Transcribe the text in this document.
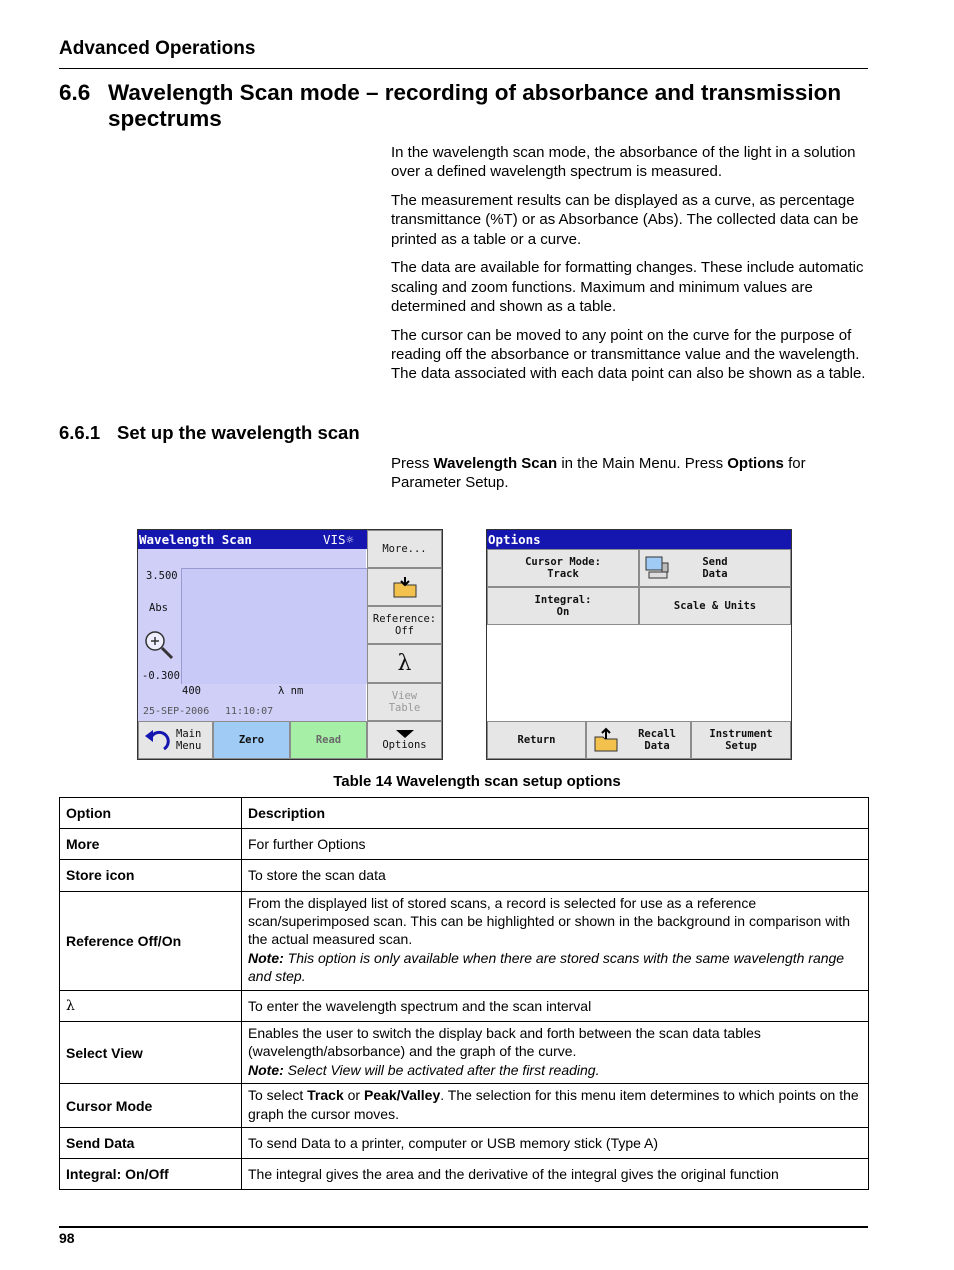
Advanced Operations
6.6 Wavelength Scan mode – recording of absorbance and transmission spectrums

In the wavelength scan mode, the absorbance of the light in a solution over a defined wavelength spectrum is measured.

The measurement results can be displayed as a curve, as percentage transmittance (%T) or as Absorbance (Abs). The collected data can be printed as a table or a curve.

The data are available for formatting changes. These include automatic scaling and zoom functions. Maximum and minimum values are determined and shown as a table.

The cursor can be moved to any point on the curve for the purpose of reading off the absorbance or transmittance value and the wavelength. The data associated with each data point can also be shown as a table.

6.6.1 Set up the wavelength scan
Press Wavelength Scan in the Main Menu. Press Options for Parameter Setup.
Wavelength Scan	VIS ☼
3.500
Abs
-0.300
400	λ nm
25-SEP-2006 11:10:07
More...
Reference:
Off
λ
View
Table
Main
Menu	Zero	Read	Options
Options
Cursor Mode:
Track
Send
Data
Integral:
On	Scale & Units
Return	Recall
Data
Instrument
Setup
Table 14 Wavelength scan setup options
Option	Description
More	For further Options
Store icon	To store the scan data
Reference Off/On	From the displayed list of stored scans, a record is selected for use as a reference scan/superimposed scan. This can be highlighted or shown in the background in comparison with the actual measured scan.
Note: This option is only available when there are stored scans with the same wavelength range and step.

λ	To enter the wavelength spectrum and the scan interval
Select View	Enables the user to switch the display back and forth between the scan data tables (wavelength/absorbance) and the graph of the curve.
Note: Select View will be activated after the first reading.

Cursor Mode	To select Track or Peak/Valley. The selection for this menu item determines to which points on the graph the cursor moves.
Send Data	To send Data to a printer, computer or USB memory stick (Type A)
Integral: On/Off	The integral gives the area and the derivative of the integral gives the original function
98
